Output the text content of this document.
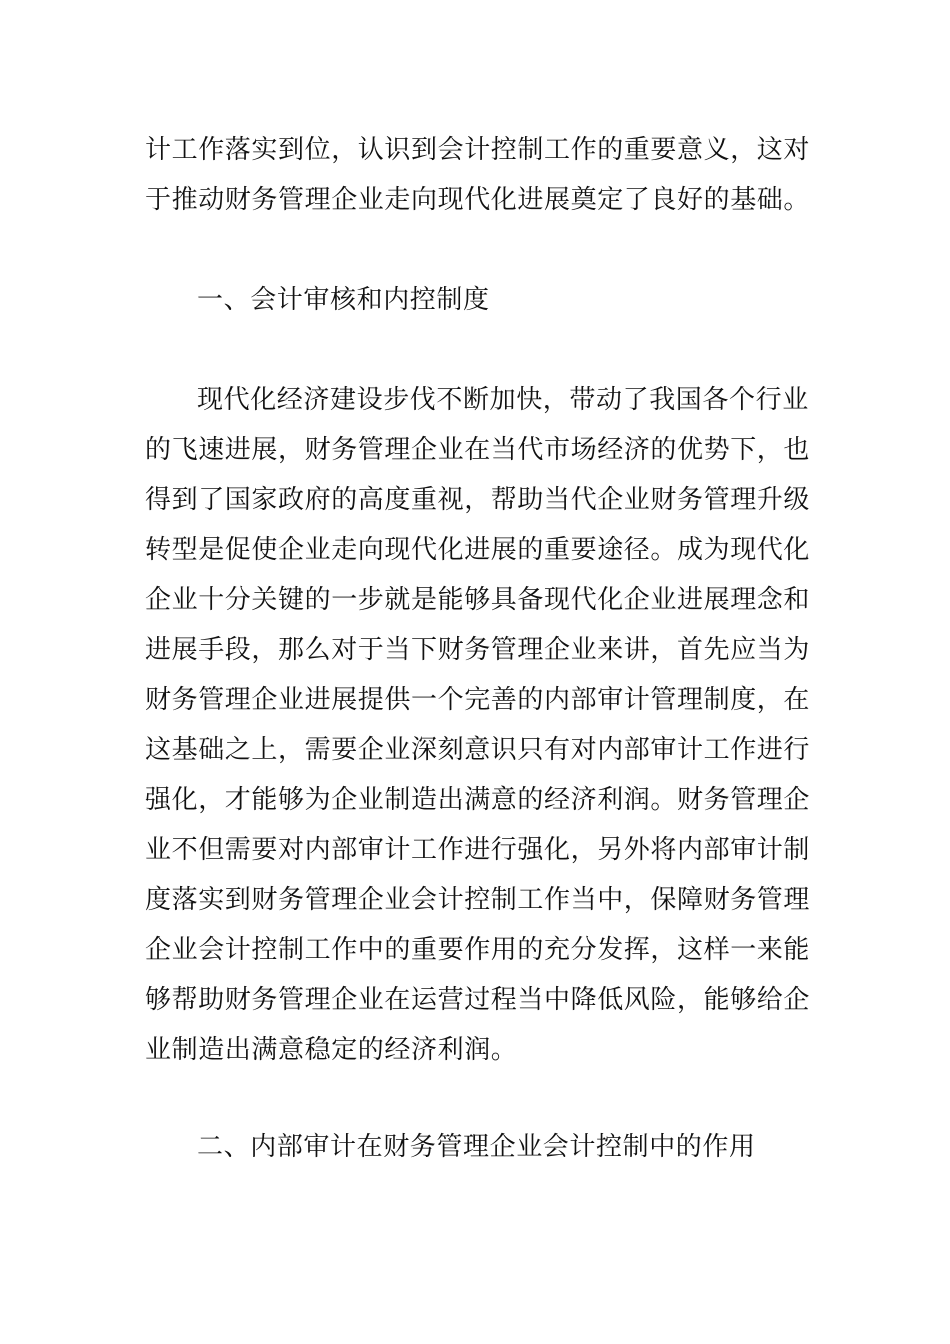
计工作落实到位，认识到会计控制工作的重要意义，这对
于推动财务管理企业走向现代化进展奠定了良好的基础。
一、会计审核和内控制度
现代化经济建设步伐不断加快，带动了我国各个行业
的飞速进展，财务管理企业在当代市场经济的优势下，也
得到了国家政府的高度重视，帮助当代企业财务管理升级
转型是促使企业走向现代化进展的重要途径。成为现代化
企业十分关键的一步就是能够具备现代化企业进展理念和
进展手段，那么对于当下财务管理企业来讲，首先应当为
财务管理企业进展提供一个完善的内部审计管理制度，在
这基础之上，需要企业深刻意识只有对内部审计工作进行
强化，才能够为企业制造出满意的经济利润。财务管理企
业不但需要对内部审计工作进行强化，另外将内部审计制
度落实到财务管理企业会计控制工作当中，保障财务管理
企业会计控制工作中的重要作用的充分发挥，这样一来能
够帮助财务管理企业在运营过程当中降低风险，能够给企
业制造出满意稳定的经济利润。
二、内部审计在财务管理企业会计控制中的作用
